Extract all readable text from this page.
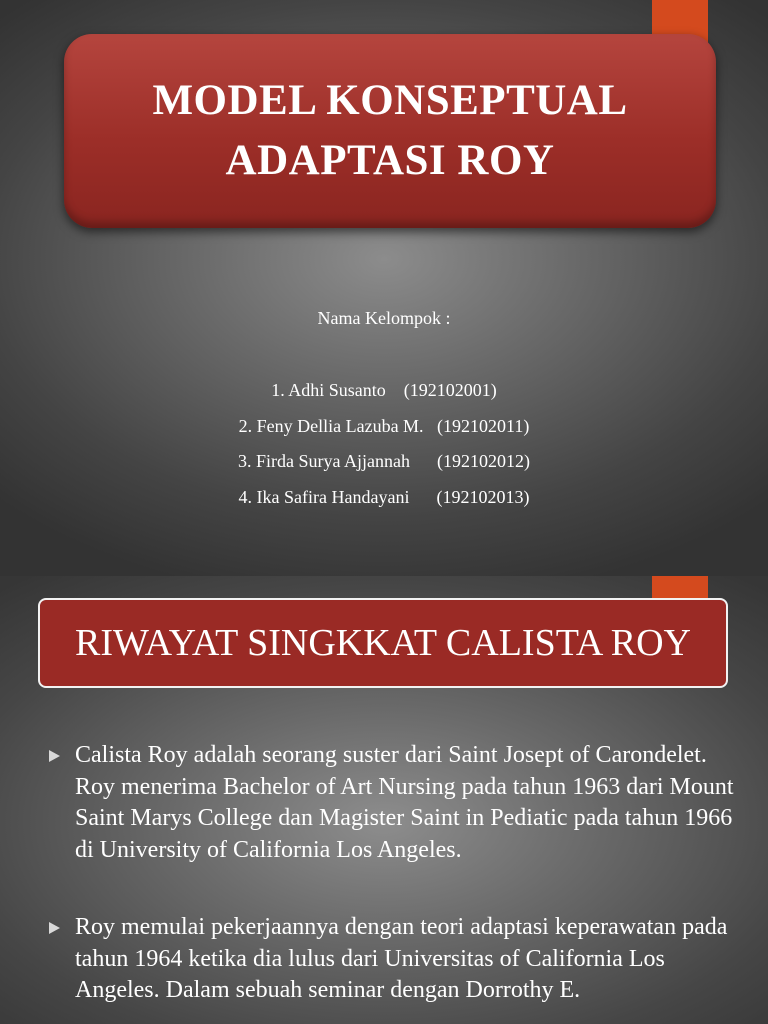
MODEL KONSEPTUAL ADAPTASI ROY
Nama Kelompok :
1. Adhi Susanto    (192102001)
2. Feny Dellia Lazuba M.   (192102011)
3. Firda Surya Ajjannah      (192102012)
4. Ika Safira Handayani      (192102013)
RIWAYAT SINGKKAT CALISTA ROY
Calista Roy adalah seorang suster dari Saint Josept of Carondelet. Roy menerima Bachelor of Art Nursing pada tahun 1963 dari Mount Saint Marys College dan Magister Saint in Pediatic pada tahun 1966 di University of California Los Angeles.
Roy memulai pekerjaannya dengan teori adaptasi keperawatan pada tahun 1964 ketika dia lulus dari Universitas of California Los Angeles. Dalam sebuah seminar dengan Dorrothy E.
